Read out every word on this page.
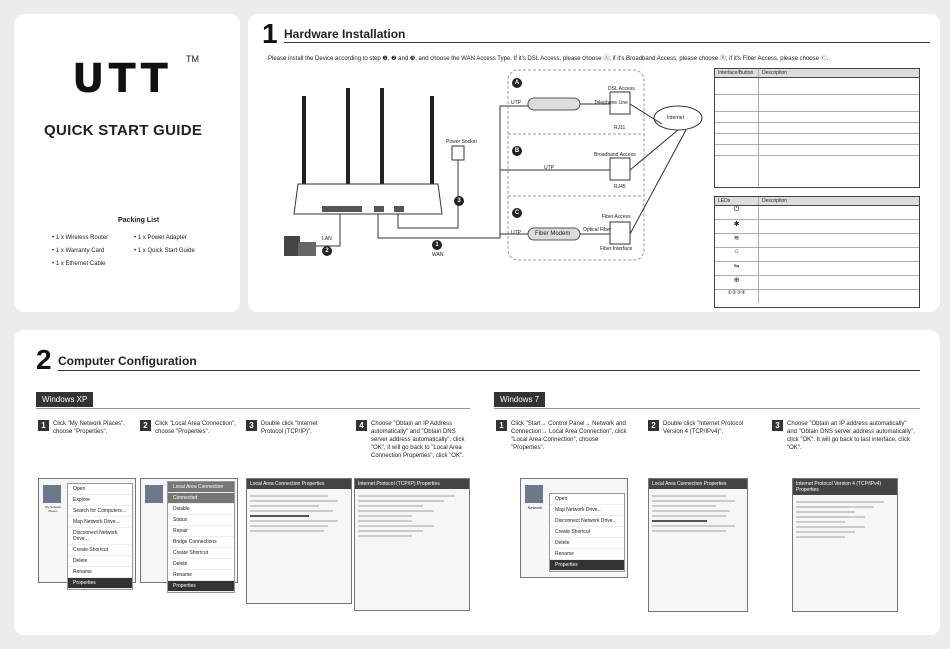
UTT TM
QUICK START GUIDE
Packing List
• 1 x Wireless Router
• 1 x Warranty Card
• 1 x Ethernet Cable
• 1 x Power Adapter
• 1 x Quick Start Guide
1 Hardware Installation
Please install the Device according to step ❶, ❷ and ❸, and choose the WAN Access Type. If it's DSL Access, please choose Ⓐ; if it's Broadband Access, please choose Ⓑ; if it's Fiber Access, please choose Ⓒ.
Power Socket
LAN
WAN
UTP	Telephone Line
DSL Access
RJ11
Broadband Access
UTP
RJ45
Fiber Access
UTP Fiber Modem
Optical Fiber
Fiber Interface
Internet
A
B
C
1
2
3
Interface/Button	Description
LEDs	Description
⏻
✱
≋
⌂
⇋
⊕
①②③④
2 Computer Configuration
Windows XP	Windows 7
1	Click "My Network Places", choose "Properties".
2	Click "Local Area Connection", choose "Properties".
3	Double click "Internet Protocol (TCP/IP)".
4	Choose "Obtain an IP Address automatically" and "Obtain DNS server address automatically", click "OK", it will go back to "Local Area Connection Properties", click "OK".
My Network Places
Open
Explore
Search for Computers...
Map Network Drive...
Disconnect Network Drive...
Create Shortcut
Delete
Rename
Properties
Local Area Connection
Connected
Disable
Status
Repair
Bridge Connections
Create Shortcut
Delete
Rename
Properties
Local Area Connection Properties	Internet Protocol (TCP/IP) Properties
1	Click "Start→ Control Panel→ Network and Connection→ Local Area Connection", click "Local Area Connection", choose "Properties".
2	Double click "Internet Protocol Version 4 (TCP/IPv4)".
3	Choose "Obtain an IP address automatically" and "Obtain DNS server address automatically", click "OK". It will go back to last interface, click "OK".
Network
Open
Map Network Drive...
Disconnect Network Drive...
Create Shortcut
Delete
Rename
Properties
Local Area Connection Properties	Internet Protocol Version 4 (TCP/IPv4) Properties
